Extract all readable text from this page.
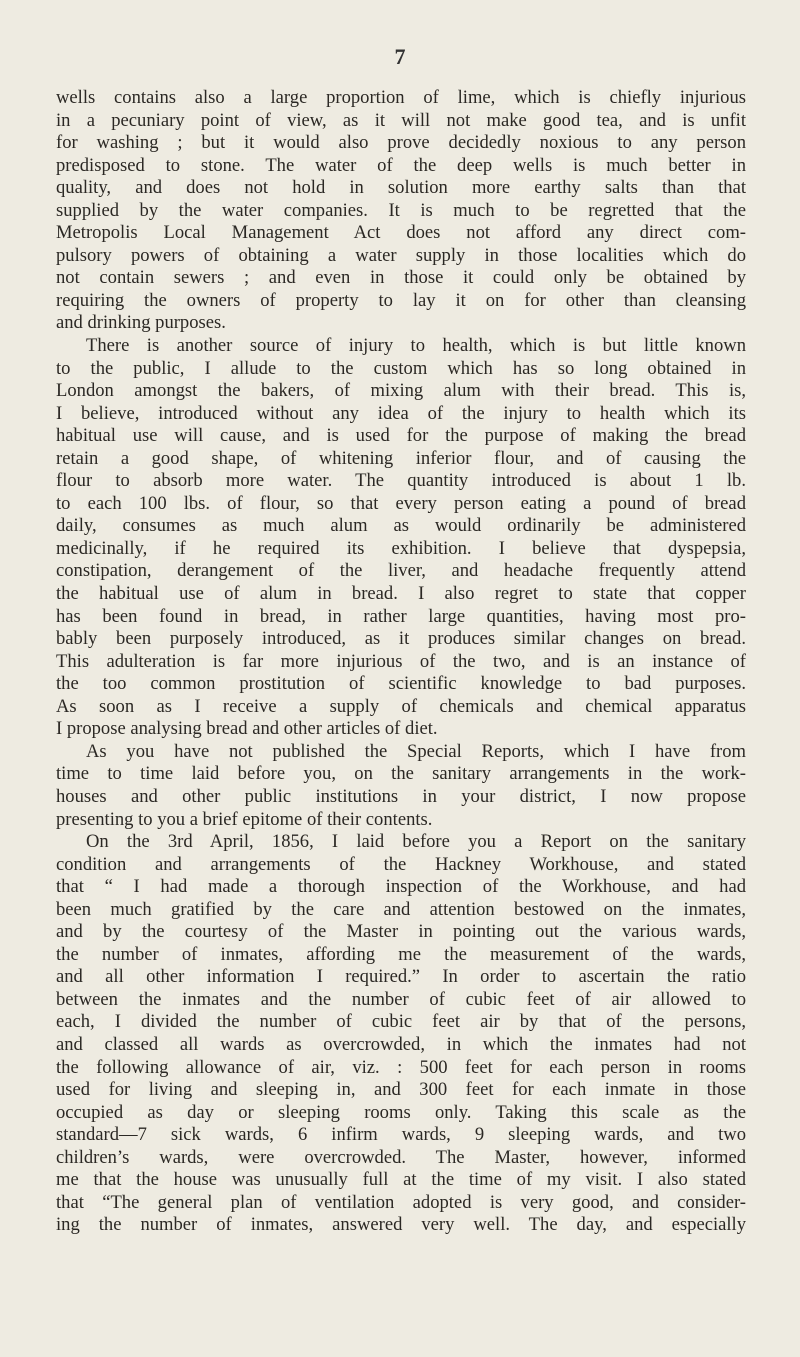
7

wells contains also a large proportion of lime, which is chiefly injurious
in a pecuniary point of view, as it will not make good tea, and is unfit
for washing ; but it would also prove decidedly noxious to any person
predisposed to stone. The water of the deep wells is much better in
quality, and does not hold in solution more earthy salts than that
supplied by the water companies. It is much to be regretted that the
Metropolis Local Management Act does not afford any direct com-
pulsory powers of obtaining a water supply in those localities which do
not contain sewers ; and even in those it could only be obtained by
requiring the owners of property to lay it on for other than cleansing
and drinking purposes.

There is another source of injury to health, which is but little known
to the public, I allude to the custom which has so long obtained in
London amongst the bakers, of mixing alum with their bread. This is,
I believe, introduced without any idea of the injury to health which its
habitual use will cause, and is used for the purpose of making the bread
retain a good shape, of whitening inferior flour, and of causing the
flour to absorb more water. The quantity introduced is about 1 lb.
to each 100 lbs. of flour, so that every person eating a pound of bread
daily, consumes as much alum as would ordinarily be administered
medicinally, if he required its exhibition. I believe that dyspepsia,
constipation, derangement of the liver, and headache frequently attend
the habitual use of alum in bread. I also regret to state that copper
has been found in bread, in rather large quantities, having most pro-
bably been purposely introduced, as it produces similar changes on bread.
This adulteration is far more injurious of the two, and is an instance of
the too common prostitution of scientific knowledge to bad purposes.
As soon as I receive a supply of chemicals and chemical apparatus
I propose analysing bread and other articles of diet.

As you have not published the Special Reports, which I have from
time to time laid before you, on the sanitary arrangements in the work-
houses and other public institutions in your district, I now propose
presenting to you a brief epitome of their contents.

On the 3rd April, 1856, I laid before you a Report on the sanitary
condition and arrangements of the Hackney Workhouse, and stated
that “ I had made a thorough inspection of the Workhouse, and had
been much gratified by the care and attention bestowed on the inmates,
and by the courtesy of the Master in pointing out the various wards,
the number of inmates, affording me the measurement of the wards,
and all other information I required.” In order to ascertain the ratio
between the inmates and the number of cubic feet of air allowed to
each, I divided the number of cubic feet air by that of the persons,
and classed all wards as overcrowded, in which the inmates had not
the following allowance of air, viz. : 500 feet for each person in rooms
used for living and sleeping in, and 300 feet for each inmate in those
occupied as day or sleeping rooms only. Taking this scale as the
standard—7 sick wards, 6 infirm wards, 9 sleeping wards, and two
children’s wards, were overcrowded. The Master, however, informed
me that the house was unusually full at the time of my visit. I also stated
that “The general plan of ventilation adopted is very good, and consider-
ing the number of inmates, answered very well. The day, and especially
